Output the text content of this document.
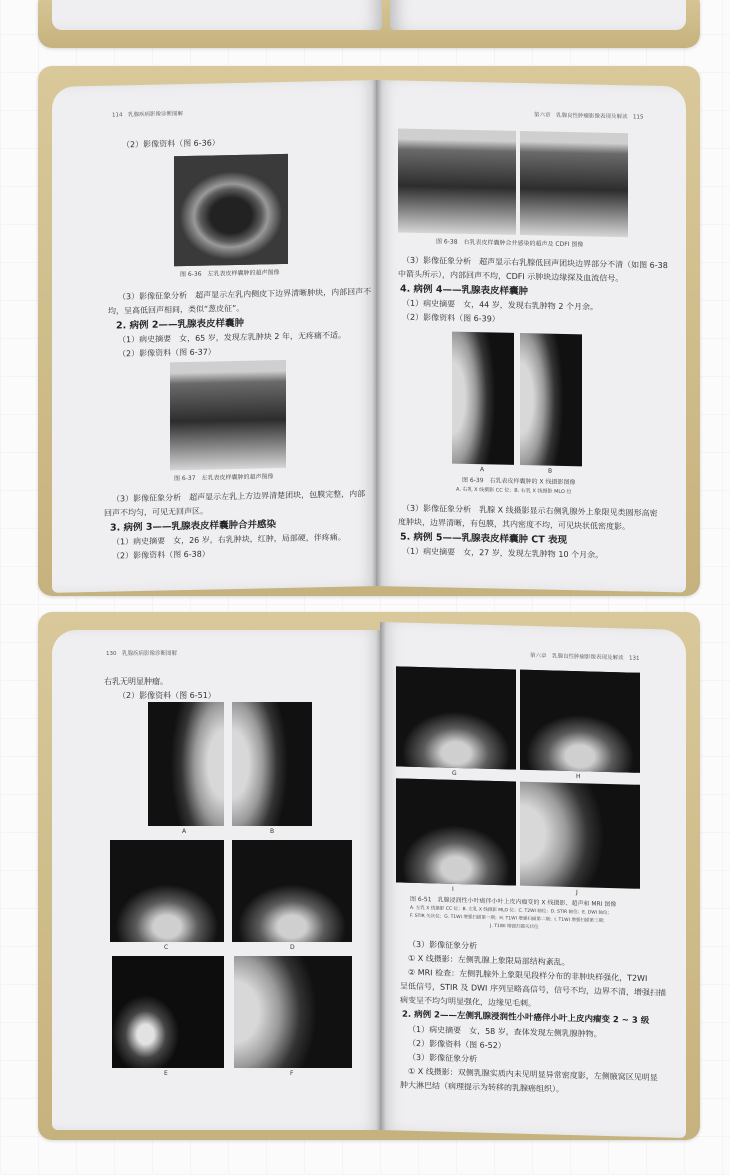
114　乳腺疾病影像诊断图解
（2）影像资料（图 6-36）
图 6-36　左乳表皮样囊肿的超声图像
（3）影像征象分析　超声显示左乳内侧皮下边界清晰肿块，内部回声不
均，呈高低回声相间，类似“葱皮征”。
2. 病例 2——乳腺表皮样囊肿
（1）病史摘要　女，65 岁，发现左乳肿块 2 年，无疼痛不适。
（2）影像资料（图 6-37）
图 6-37　左乳表皮样囊肿的超声图像
（3）影像征象分析　超声显示左乳上方边界清楚团块，包膜完整，内部
回声不均匀，可见无回声区。
3. 病例 3——乳腺表皮样囊肿合并感染
（1）病史摘要　女，26 岁，右乳肿块，红肿，局部硬，伴疼痛。
（2）影像资料（图 6-38）
第六章　乳腺良性肿瘤影像表现及解读　115
图 6-38　右乳表皮样囊肿合并感染的超声及 CDFI 图像
（3）影像征象分析　超声显示右乳腺低回声团块边界部分不清（如图 6-38
中箭头所示），内部回声不均，CDFI 示肿块边缘探及血流信号。
4. 病例 4——乳腺表皮样囊肿
（1）病史摘要　女，44 岁，发现右乳肿物 2 个月余。
（2）影像资料（图 6-39）
A	B
图 6-39　右乳表皮样囊肿的 X 线摄影图像
A. 右乳 X 线摄影 CC 位；B. 右乳 X 线摄影 MLO 位
（3）影像征象分析　乳腺 X 线摄影显示右侧乳腺外上象限见类圆形高密
度肿块，边界清晰，有包膜，其内密度不均，可见块状低密度影。
5. 病例 5——乳腺表皮样囊肿 CT 表现
（1）病史摘要　女，27 岁，发现左乳肿物 10 个月余。
130　乳腺疾病影像诊断图解
右乳无明显肿瘤。
（2）影像资料（图 6-51）
A	B
C	D
E	F
第六章　乳腺良性肿瘤影像表现及解读　131
G	H
I	J
图 6-51　乳腺浸润性小叶癌伴小叶上皮内瘤变的 X 线摄影、超声和 MRI 图像
A. 左乳 X 线摄影 CC 位；B. 左乳 X 线摄影 MLO 位；C. T2WI 轴位；D. STIR 轴位；E. DWI 轴位；
F. STIR 矢状位；G. T1WI 增强扫描第一期；H. T1WI 增强扫描第二期；I. T1WI 增强扫描第三期；
J. T1WI 增强扫描矢状位
（3）影像征象分析
① X 线摄影：左侧乳腺上象限局部结构紊乱。
② MRI 检查：左侧乳腺外上象限见段样分布的非肿块样强化，T2WI
呈低信号，STIR 及 DWI 序列呈略高信号，信号不均，边界不清，增强扫描
病变呈不均匀明显强化，边缘见毛刺。
2. 病例 2——左侧乳腺浸润性小叶癌伴小叶上皮内瘤变 2 ~ 3 级
（1）病史摘要　女，58 岁，查体发现左侧乳腺肿物。
（2）影像资料（图 6-52）
（3）影像征象分析
① X 线摄影：双侧乳腺实质内未见明显异常密度影，左侧腋窝区见明显
肿大淋巴结（病理提示为转移的乳腺癌组织）。
